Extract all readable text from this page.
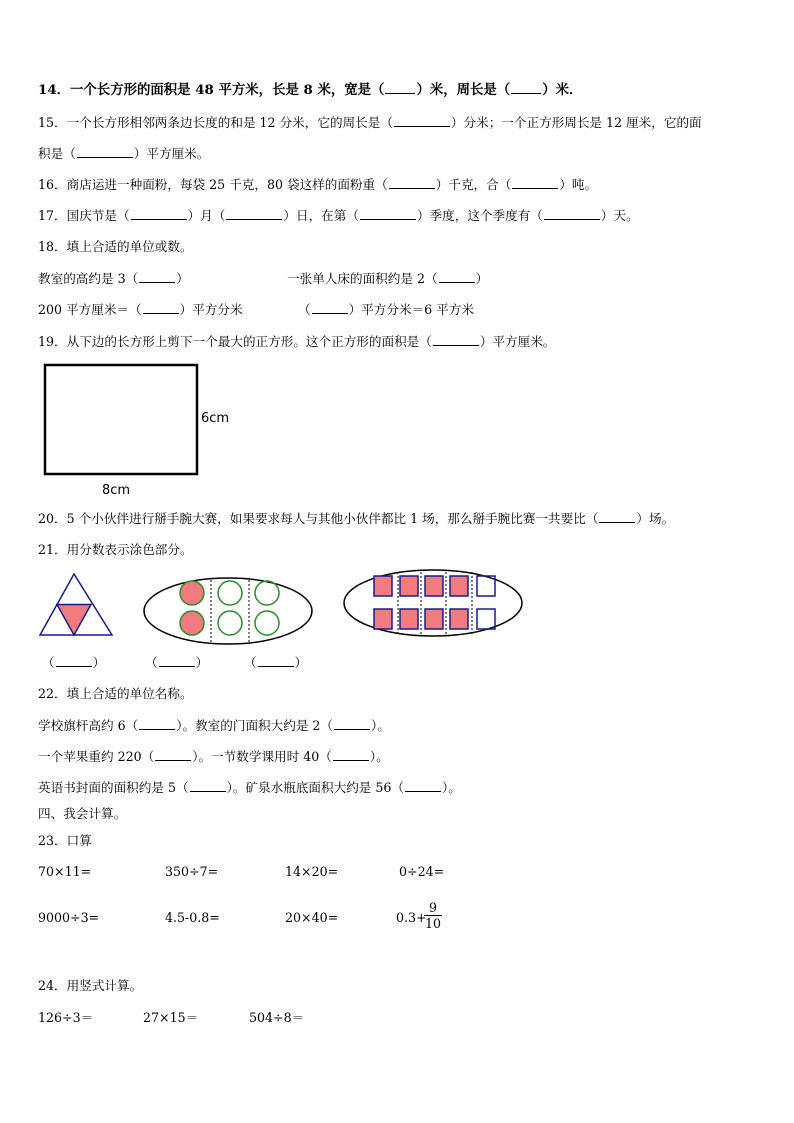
14．一个长方形的面积是 48 平方米，长是 8 米，宽是（ ）米，周长是（ ）米．
15．一个长方形相邻两条边长度的和是 12 分米，它的周长是（	）分米；一个正方形周长是 12 厘米，它的面
积是（	）平方厘米。
16．商店运进一种面粉，每袋 25 千克，80 袋这样的面粉重（	）千克，合（	）吨。
17．国庆节是（	）月（	）日，在第（	）季度，这个季度有（	）天。
18．填上合适的单位或数。
教室的高约是 3（	）	一张单人床的面积约是 2（	）
200 平方厘米＝（	）平方分米	（	）平方分米＝6 平方米
19．从下边的长方形上剪下一个最大的正方形。这个正方形的面积是（	）平方厘米。
6cm
8cm
20．5 个小伙伴进行掰手腕大赛，如果要求每人与其他小伙伴都比 1 场，那么掰手腕比赛一共要比（	）场。
21．用分数表示涂色部分。
（	）	（	）	（	）
22．填上合适的单位名称。
学校旗杆高约 6（	）。教室的门面积大约是 2（	）。
一个苹果重约 220（	）。一节数学课用时 40（	）。
英语书封面的面积约是 5（	）。矿泉水瓶底面积大约是 56（	）。
四、我会计算。
23．口算
70×11=	350÷7=	14×20=	0÷24=
9000÷3=	4.5-0.8=	20×40=	0.3+
9
10
24．用竖式计算。
126÷3＝	27×15＝	504÷8＝
